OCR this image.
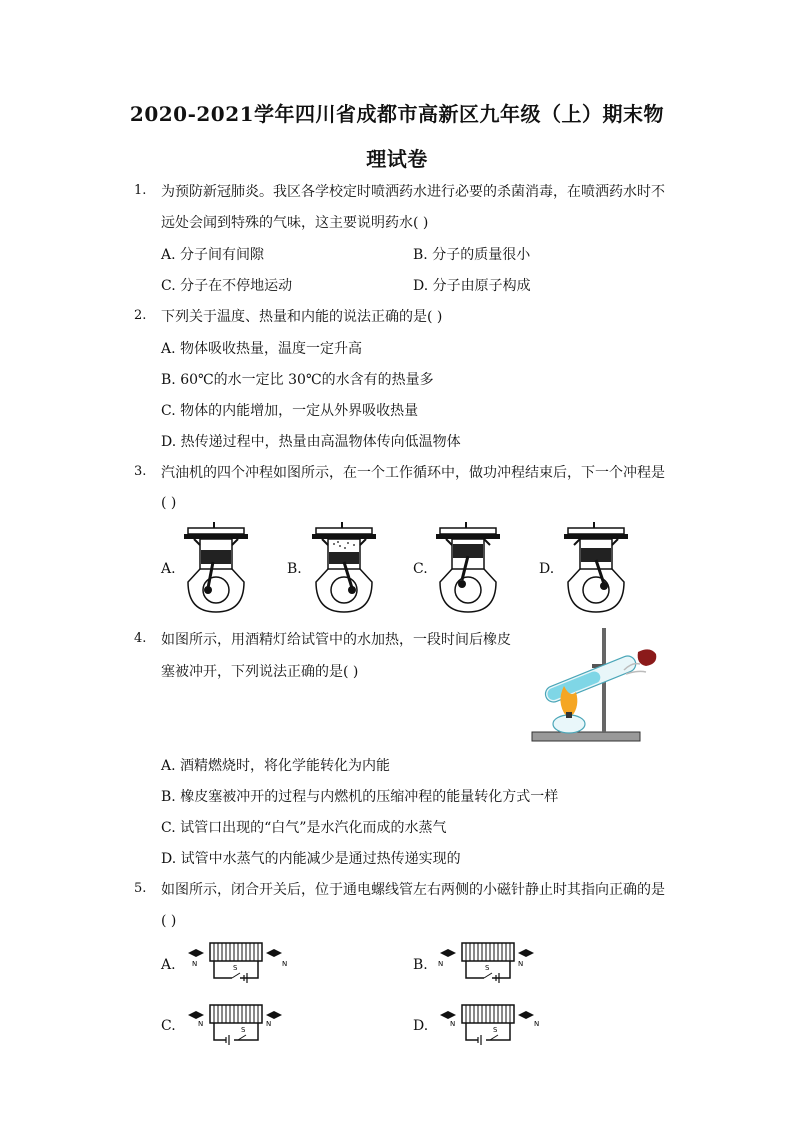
2020-2021学年四川省成都市高新区九年级（上）期末物
理试卷
1. 为预防新冠肺炎。我区各学校定时喷洒药水进行必要的杀菌消毒，在喷洒药水时不
远处会闻到特殊的气味，这主要说明药水( )
A. 分子间有间隙	B. 分子的质量很小
C. 分子在不停地运动	D. 分子由原子构成
2. 下列关于温度、热量和内能的说法正确的是( )
A. 物体吸收热量，温度一定升高
B. 60℃的水一定比 30℃的水含有的热量多
C. 物体的内能增加，一定从外界吸收热量
D. 热传递过程中，热量由高温物体传向低温物体
3. 汽油机的四个冲程如图所示，在一个工作循环中，做功冲程结束后，下一个冲程是
( )
A.	B.	C.	D.
4. 如图所示，用酒精灯给试管中的水加热，一段时间后橡皮
塞被冲开，下列说法正确的是( )
A. 酒精燃烧时，将化学能转化为内能
B. 橡皮塞被冲开的过程与内燃机的压缩冲程的能量转化方式一样
C. 试管口出现的“白气”是水汽化而成的水蒸气
D. 试管中水蒸气的内能减少是通过热传递实现的
5. 如图所示，闭合开关后，位于通电螺线管左右两侧的小磁针静止时其指向正确的是
( )
A.	B.
C.	D.
N	N
S	N	N
S
N	N
S
N	N
S
